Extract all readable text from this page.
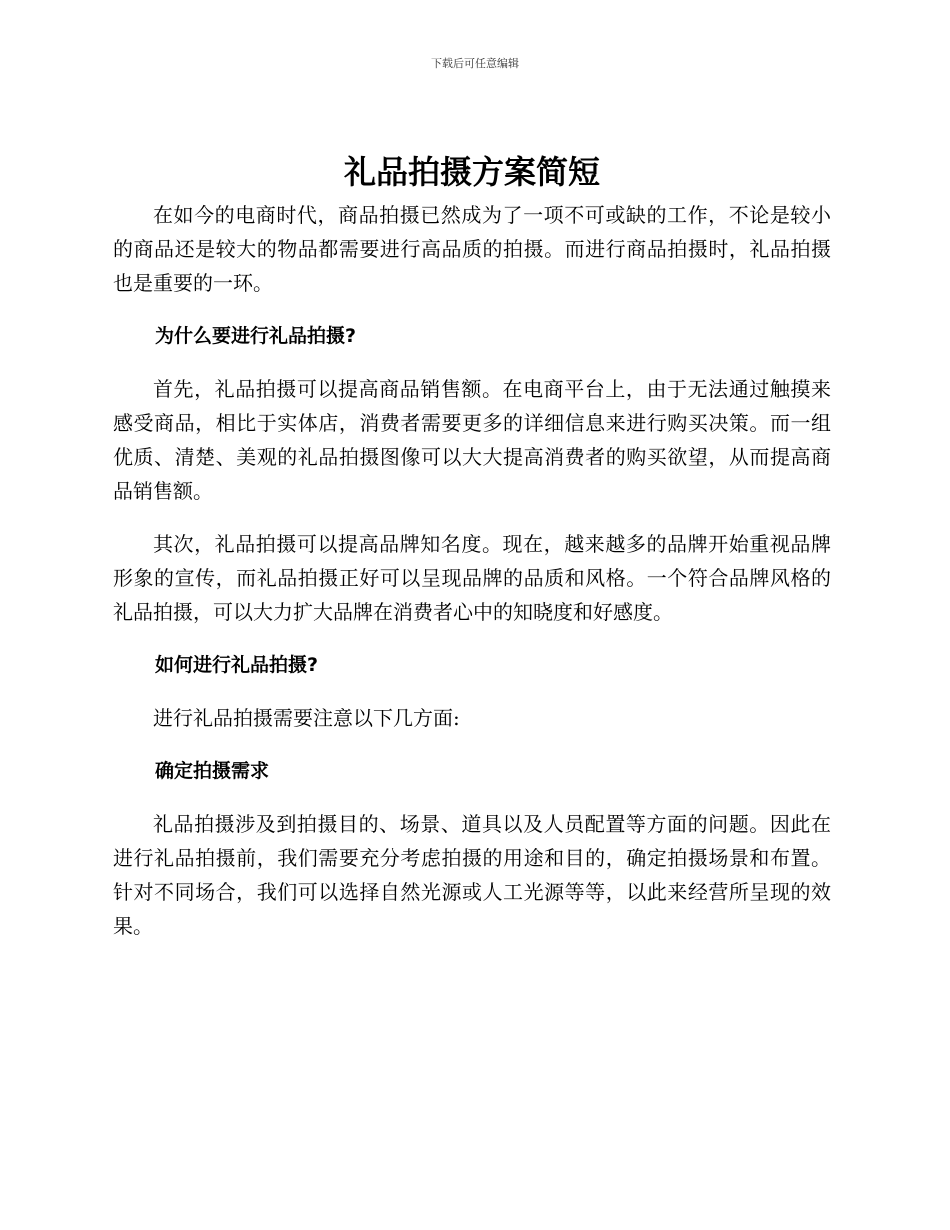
下载后可任意编辑
礼品拍摄方案简短

在如今的电商时代，商品拍摄已然成为了一项不可或缺的工作，不论是较小的商品还是较大的物品都需要进行高品质的拍摄。而进行商品拍摄时，礼品拍摄也是重要的一环。

为什么要进行礼品拍摄?

首先，礼品拍摄可以提高商品销售额。在电商平台上，由于无法通过触摸来感受商品，相比于实体店，消费者需要更多的详细信息来进行购买决策。而一组优质、清楚、美观的礼品拍摄图像可以大大提高消费者的购买欲望，从而提高商品销售额。

其次，礼品拍摄可以提高品牌知名度。现在，越来越多的品牌开始重视品牌形象的宣传，而礼品拍摄正好可以呈现品牌的品质和风格。一个符合品牌风格的礼品拍摄，可以大力扩大品牌在消费者心中的知晓度和好感度。

如何进行礼品拍摄?

进行礼品拍摄需要注意以下几方面:

确定拍摄需求

礼品拍摄涉及到拍摄目的、场景、道具以及人员配置等方面的问题。因此在进行礼品拍摄前，我们需要充分考虑拍摄的用途和目的，确定拍摄场景和布置。针对不同场合，我们可以选择自然光源或人工光源等等，以此来经营所呈现的效果。
